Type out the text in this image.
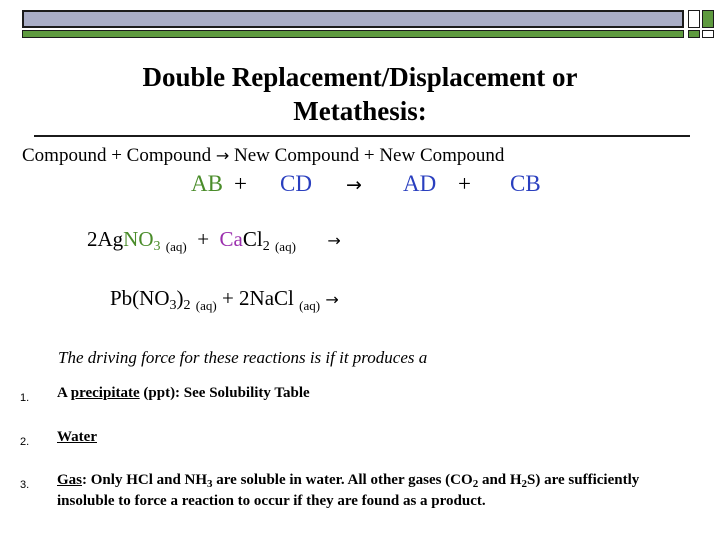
Double Replacement/Displacement or
Metathesis:
Compound + Compound → New Compound + New Compound
AB + CD → AD + CB
2AgNO$_3$ $_{(aq)}$ + CaCl$_2$ $_{(aq)}$ →
$Pb(NO_3)_2$ $_{(aq)}$ + 2NaCl $_{(aq)}$ →
The driving force for these reactions is if it produces a
1. A precipitate (ppt): See Solubility Table
2. Water
3. Gas: Only HCl and $NH_3$ are soluble in water. All other gases ($CO_2$ and $H_2S$) are sufficiently insoluble to force a reaction to occur if they are found as a product.
